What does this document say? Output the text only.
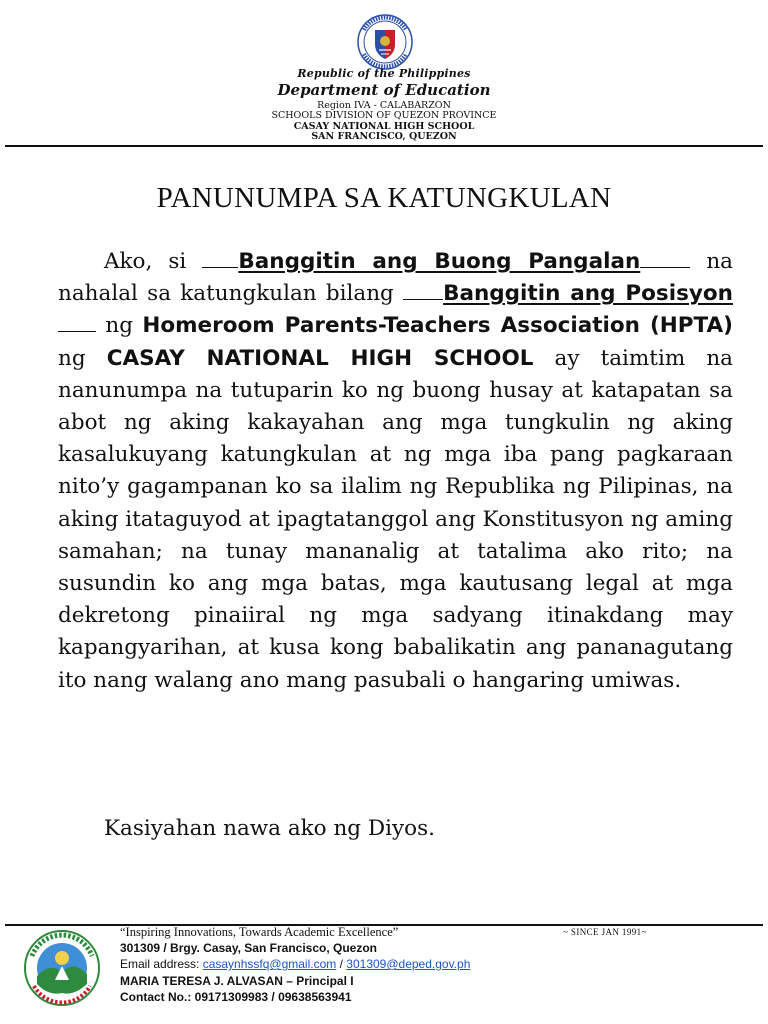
Republic of the Philippines
Department of Education
Region IVA - CALABARZON
SCHOOLS DIVISION OF QUEZON PROVINCE
CASAY NATIONAL HIGH SCHOOL
SAN FRANCISCO, QUEZON
PANUNUMPA SA KATUNGKULAN

Ako, si Banggitin ang Buong Pangalan na nahalal sa katungkulan bilang Banggitin ang Posisyon ng Homeroom Parents-Teachers Association (HPTA) ng CASAY NATIONAL HIGH SCHOOL ay taimtim na nanunumpa na tutuparin ko ng buong husay at katapatan sa abot ng aking kakayahan ang mga tungkulin ng aking kasalukuyang katungkulan at ng mga iba pang pagkaraan nito’y gagampanan ko sa ilalim ng Republika ng Pilipinas, na aking itataguyod at ipagtatanggol ang Konstitusyon ng aming samahan; na tunay mananalig at tatalima ako rito; na susundin ko ang mga batas, mga kautusang legal at mga dekretong pinaiiral ng mga sadyang itinakdang may kapangyarihan, at kusa kong babalikatin ang pananagutang ito nang walang ano mang pasubali o hangaring umiwas.

Kasiyahan nawa ako ng Diyos.

“Inspiring Innovations, Towards Academic Excellence”	~ SINCE JAN 1991~
301309 / Brgy. Casay, San Francisco, Quezon
Email address: casaynhssfq@gmail.com / 301309@deped.gov.ph
MARIA TERESA J. ALVASAN – Principal I
Contact No.: 09171309983 / 09638563941
